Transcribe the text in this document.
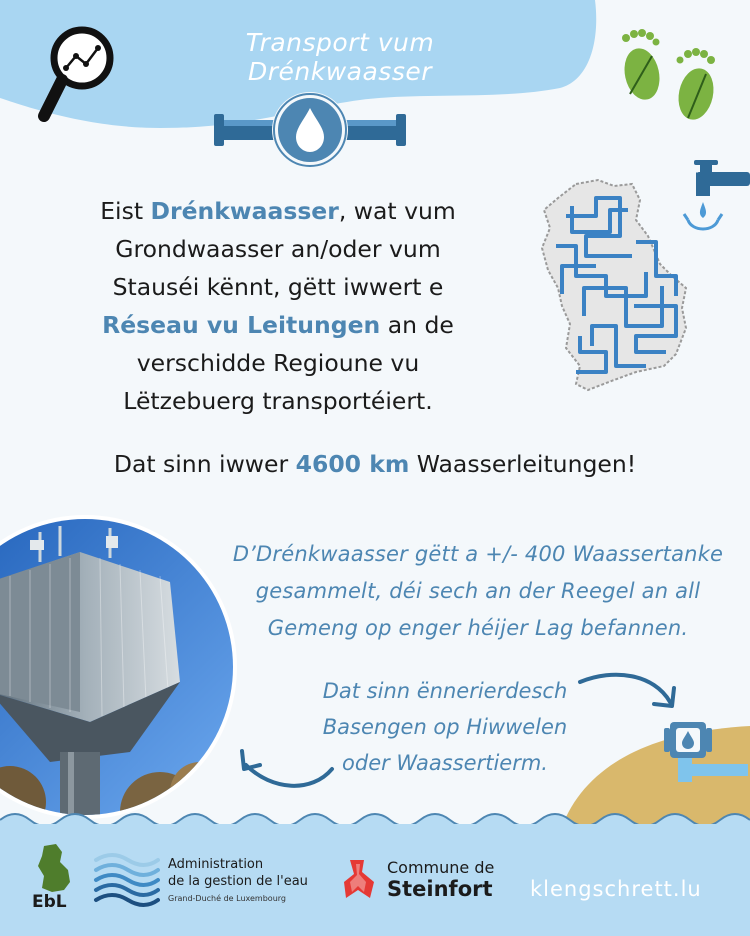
Transport vum Drénkwaasser
Eist Drénkwaasser, wat vum
Grondwaasser an/oder vum
Stauséi kënnt, gëtt iwwert e
Réseau vu Leitungen an de
verschidde Regioune vu
Lëtzebuerg transportéiert.
Dat sinn iwwer 4600 km Waasserleitungen!
D’Drénkwaasser gëtt a +/- 400 Waassertanke
gesammelt, déi sech an der Reegel an all
Gemeng op enger héijer Lag befannen.
Dat sinn ënnerierdesch
Basengen op Hiwwelen
oder Waassertierm.
EbL
Administration
de la gestion de l'eau
Grand-Duché de Luxembourg
Commune de
Steinfort klengschrett.lu
